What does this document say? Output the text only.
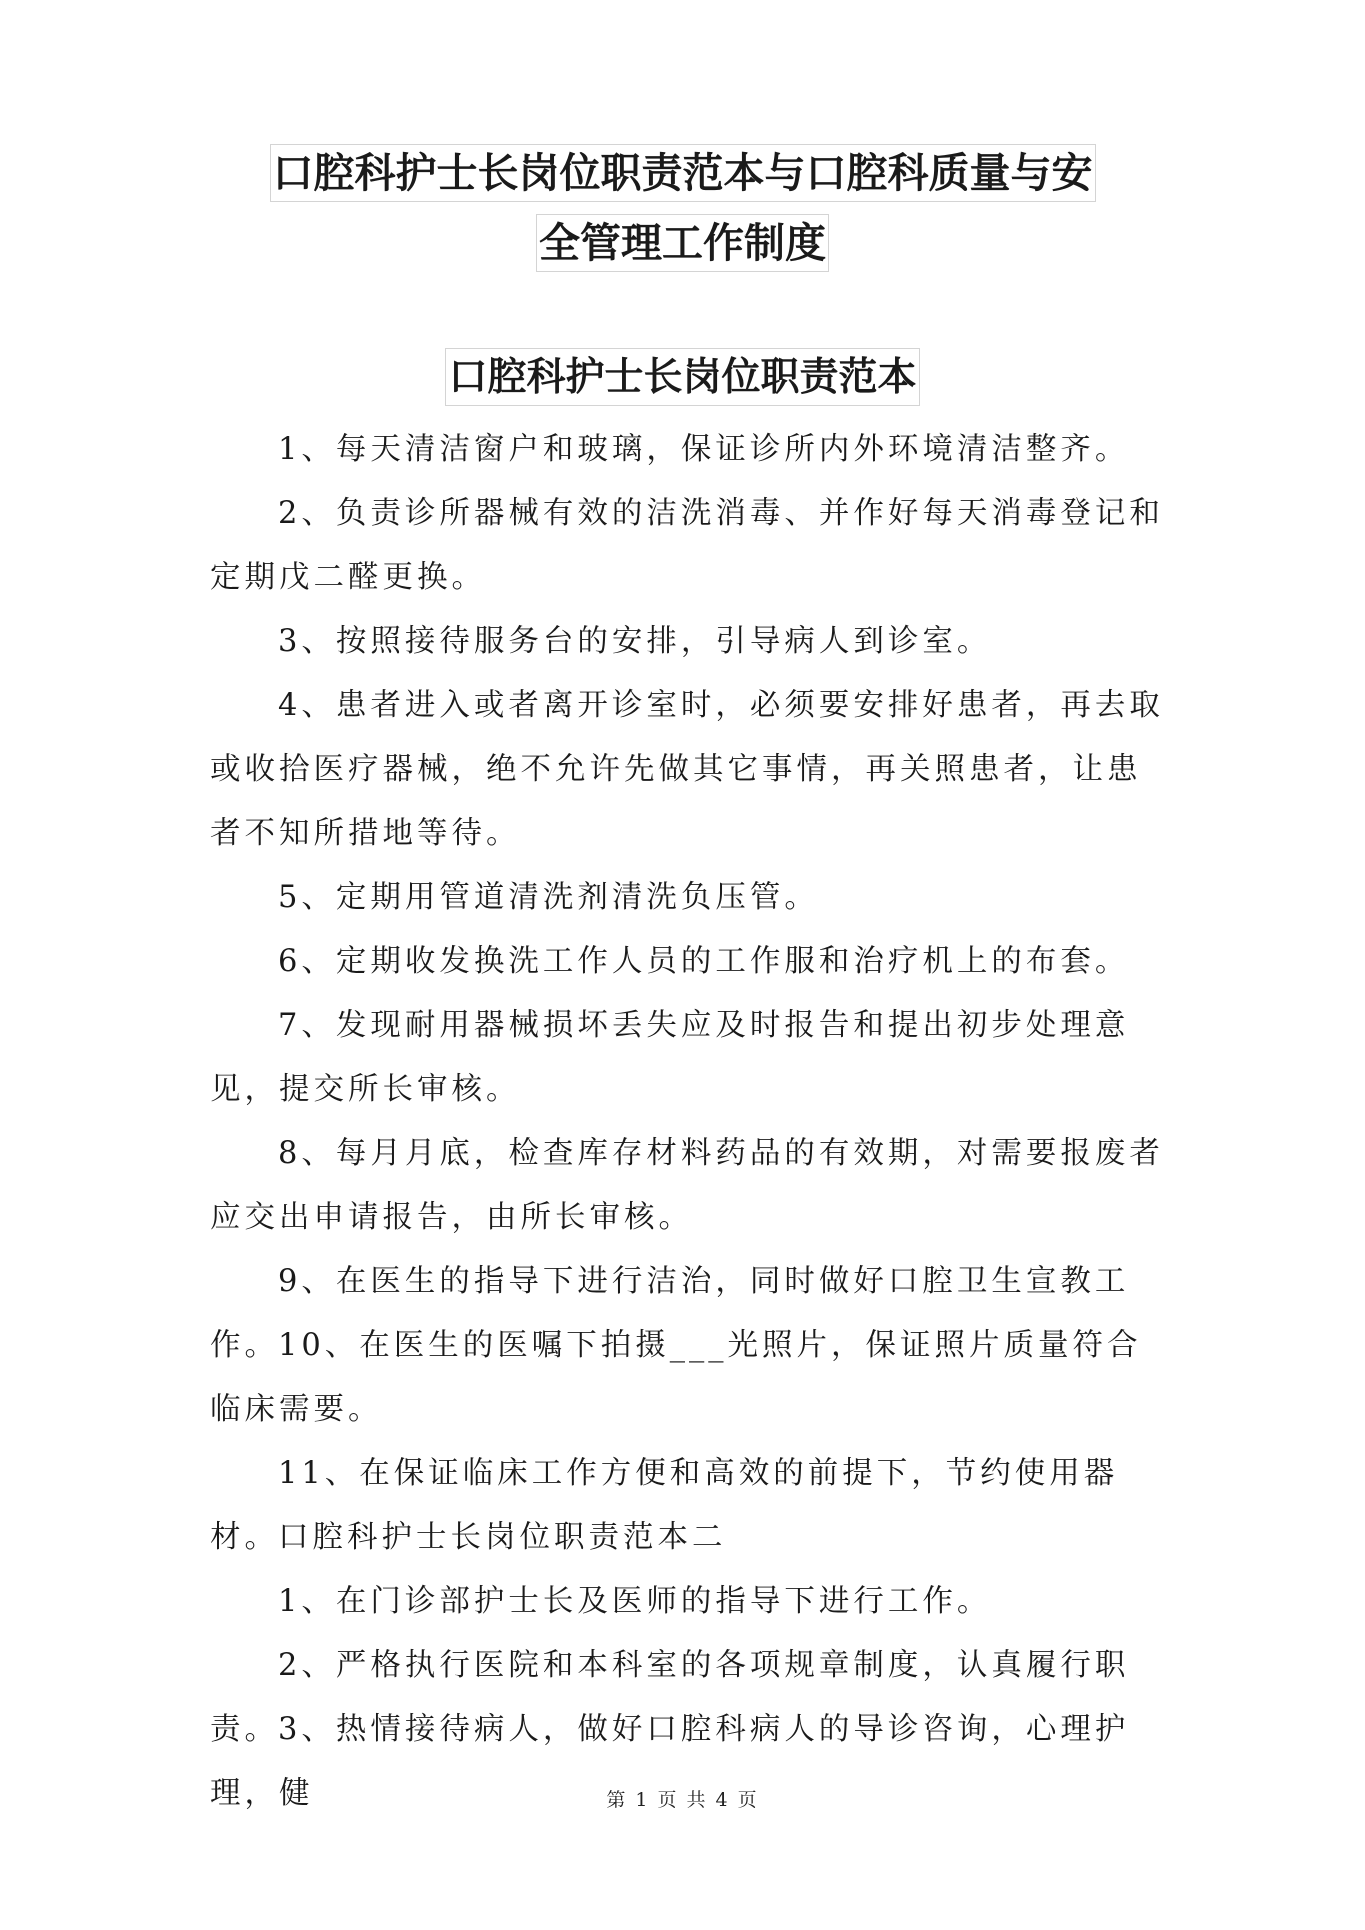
口腔科护士长岗位职责范本与口腔科质量与安
全管理工作制度
口腔科护士长岗位职责范本

1、每天清洁窗户和玻璃，保证诊所内外环境清洁整齐。

2、负责诊所器械有效的洁洗消毒、并作好每天消毒登记和定期戊二醛更换。

3、按照接待服务台的安排，引导病人到诊室。

4、患者进入或者离开诊室时，必须要安排好患者，再去取或收拾医疗器械，绝不允许先做其它事情，再关照患者，让患者不知所措地等待。

5、定期用管道清洗剂清洗负压管。

6、定期收发换洗工作人员的工作服和治疗机上的布套。

7、发现耐用器械损坏丢失应及时报告和提出初步处理意见，提交所长审核。

8、每月月底，检查库存材料药品的有效期，对需要报废者应交出申请报告，由所长审核。

9、在医生的指导下进行洁治，同时做好口腔卫生宣教工作。 10、在医生的医嘱下拍摄___光照片，保证照片质量符合临床需要。

11、在保证临床工作方便和高效的前提下，节约使用器材。 口腔科护士长岗位职责范本二

1、在门诊部护士长及医师的指导下进行工作。

2、严格执行医院和本科室的各项规章制度，认真履行职责。 3、热情接待病人，做好口腔科病人的导诊咨询，心理护理，健	第 1 页 共 4 页
